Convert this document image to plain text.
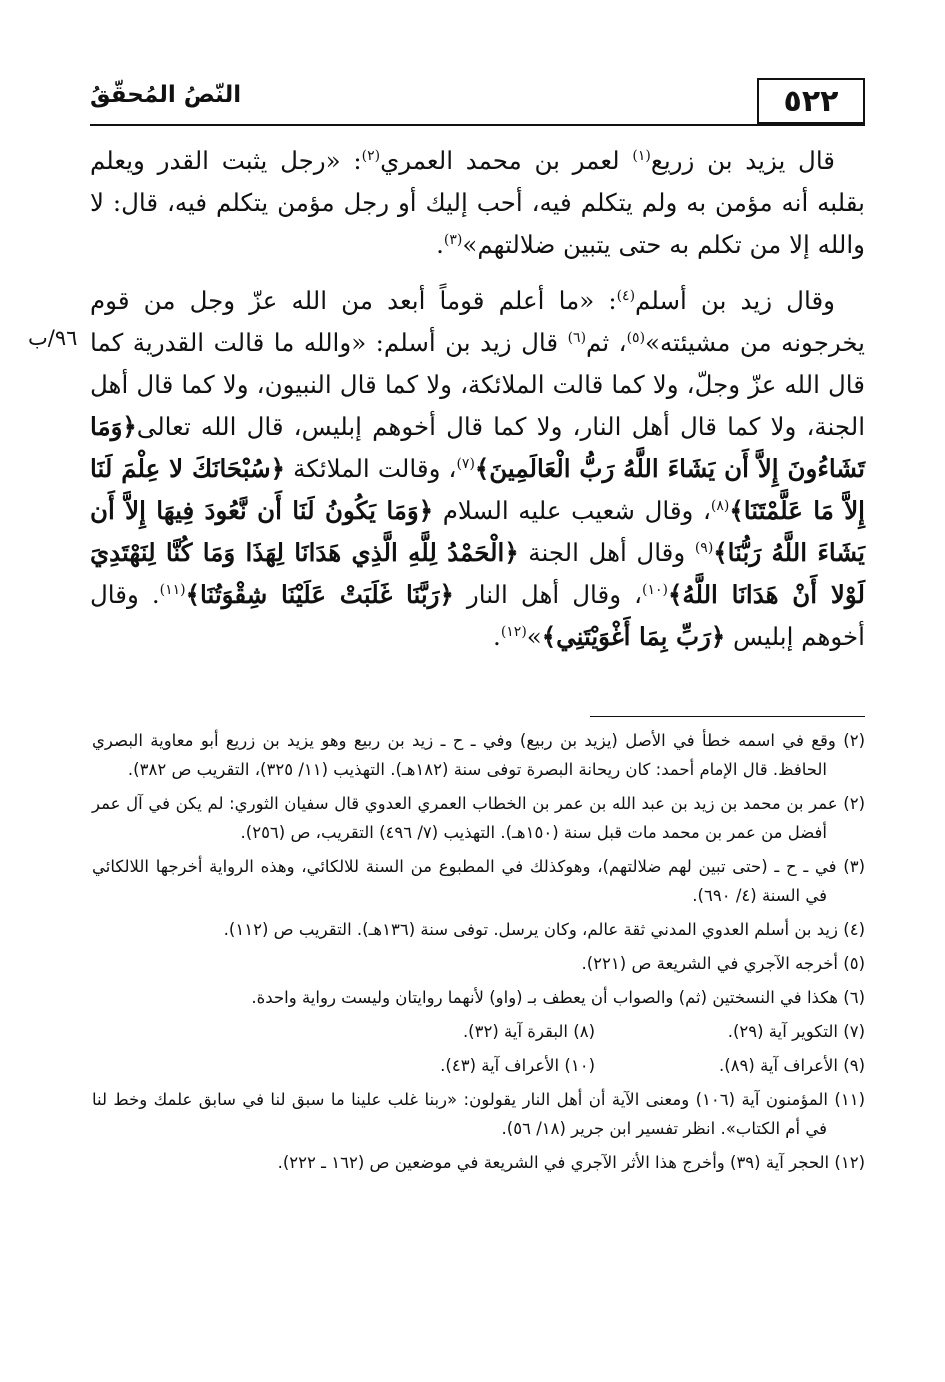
٥٢٢
النّصُ المُحقّقُ
٩٦/ب

قال يزيد بن زريع$^{(١)}$ لعمر بن محمد العمري$^{(٢)}$: «رجل يثبت القدر ويعلم بقلبه أنه مؤمن به ولم يتكلم فيه، أحب إليك أو رجل مؤمن يتكلم فيه، قال: لا والله إلا من تكلم به حتى يتبين ضلالتهم»$^{(٣)}$.

وقال زيد بن أسلم$^{(٤)}$: «ما أعلم قوماً أبعد من الله عزّ وجل من قوم يخرجونه من مشيئته»$^{(٥)}$، ثم$^{(٦)}$ قال زيد بن أسلم: «والله ما قالت القدرية كما قال الله عزّ وجلّ، ولا كما قالت الملائكة، ولا كما قال النبيون، ولا كما قال أهل الجنة، ولا كما قال أهل النار، ولا كما قال أخوهم إبليس، قال الله تعالى﴿وَمَا تَشَاءُونَ إِلاَّ أَن يَشَاءَ اللَّهُ رَبُّ الْعَالَمِينَ﴾$^{(٧)}$، وقالت الملائكة ﴿سُبْحَانَكَ لا عِلْمَ لَنَا إِلاَّ مَا عَلَّمْتَنَا﴾$^{(٨)}$، وقال شعيب عليه السلام ﴿وَمَا يَكُونُ لَنَا أَن نَّعُودَ فِيهَا إِلاَّ أَن يَشَاءَ اللَّهُ رَبُّنَا﴾$^{(٩)}$ وقال أهل الجنة ﴿الْحَمْدُ لِلَّهِ الَّذِي هَدَانَا لِهَذَا وَمَا كُنَّا لِنَهْتَدِيَ لَوْلا أَنْ هَدَانَا اللَّهُ﴾$^{(١٠)}$، وقال أهل النار ﴿رَبَّنَا غَلَبَتْ عَلَيْنَا شِقْوَتُنَا﴾$^{(١١)}$. وقال أخوهم إبليس ﴿رَبِّ بِمَا أَغْوَيْتَنِي﴾»$^{(١٢)}$.

(٢) وقع في اسمه خطأ في الأصل (يزيد بن ربيع) وفي ـ ح ـ زيد بن ربيع وهو يزيد بن زريع أبو معاوية البصري الحافظ. قال الإمام أحمد: كان ريحانة البصرة توفى سنة (١٨٢هـ). التهذيب (١١/ ٣٢٥)، التقريب ص ٣٨٢).

(٢) عمر بن محمد بن زيد بن عبد الله بن عمر بن الخطاب العمري العدوي قال سفيان الثوري: لم يكن في آل عمر أفضل من عمر بن محمد مات قبل سنة (١٥٠هـ). التهذيب (٧/ ٤٩٦) التقريب، ص (٢٥٦).

(٣) في ـ ح ـ (حتى تبين لهم ضلالتهم)، وهوكذلك في المطبوع من السنة للالكائي، وهذه الرواية أخرجها اللالكائي في السنة (٤/ ٦٩٠).

(٤) زيد بن أسلم العدوي المدني ثقة عالم، وكان يرسل. توفى سنة (١٣٦هـ). التقريب ص (١١٢).

(٥) أخرجه الآجري في الشريعة ص (٢٢١).

(٦) هكذا في النسختين (ثم) والصواب أن يعطف بـ (واو) لأنهما روايتان وليست رواية واحدة.

(٧) التكوير آية (٢٩).
(٨) البقرة آية (٣٢).
(٩) الأعراف آية (٨٩).
(١٠) الأعراف آية (٤٣).

(١١) المؤمنون آية (١٠٦) ومعنى الآية أن أهل النار يقولون: «ربنا غلب علينا ما سبق لنا في سابق علمك وخط لنا في أم الكتاب». انظر تفسير ابن جرير (١٨/ ٥٦).

(١٢) الحجر آية (٣٩) وأخرج هذا الأثر الآجري في الشريعة في موضعين ص (١٦٢ ـ ٢٢٢).
